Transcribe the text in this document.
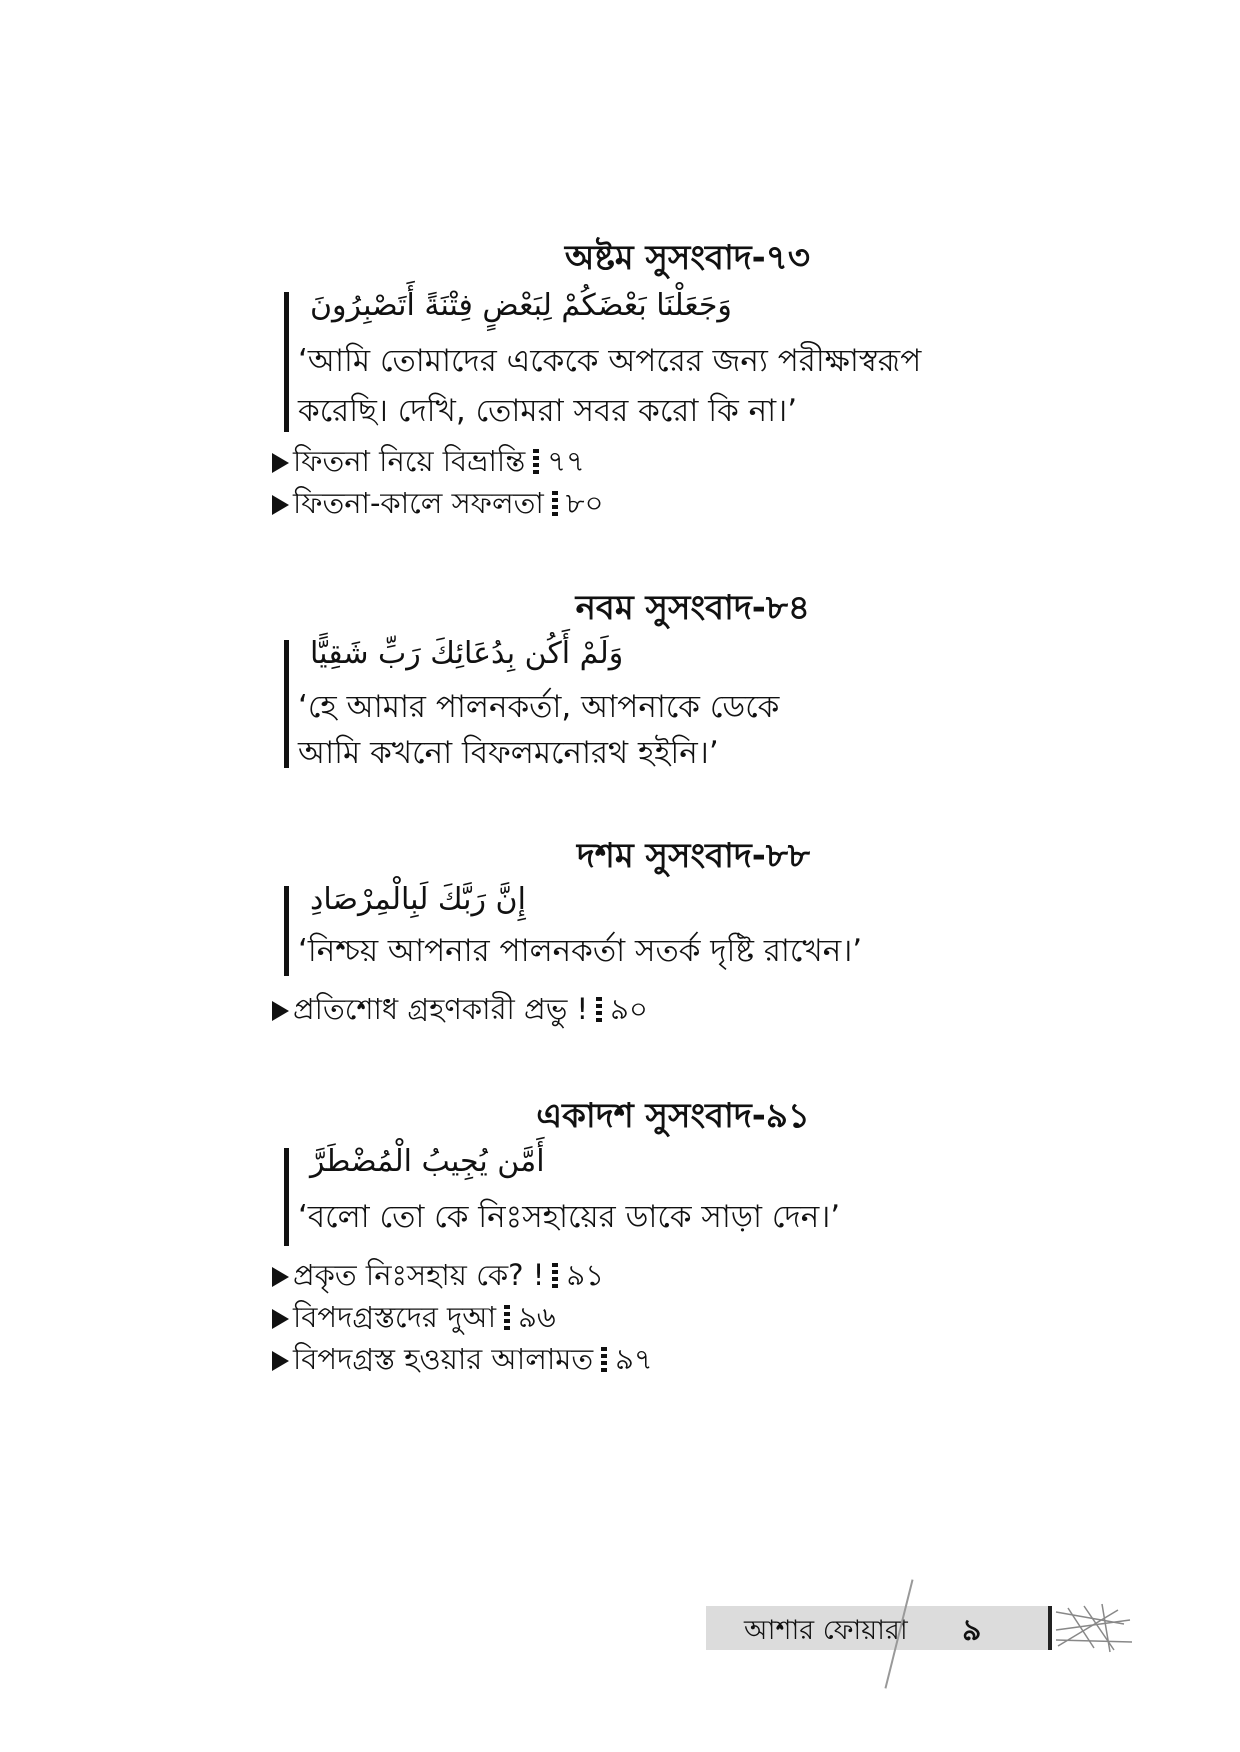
অষ্টম সুসংবাদ-৭৩
وَجَعَلْنَا بَعْضَكُمْ لِبَعْضٍ فِتْنَةً أَتَصْبِرُونَ
‘আমি তোমাদের একেকে অপরের জন্য পরীক্ষাস্বরূপ
করেছি। দেখি, তোমরা সবর করো কি না।’
ফিতনা নিয়ে বিভ্রান্তি ৭৭
ফিতনা-কালে সফলতা ৮০
নবম সুসংবাদ-৮৪
وَلَمْ أَكُن بِدُعَائِكَ رَبِّ شَقِيًّا
‘হে আমার পালনকর্তা, আপনাকে ডেকে
আমি কখনো বিফলমনোরথ হইনি।’
দশম সুসংবাদ-৮৮
إِنَّ رَبَّكَ لَبِالْمِرْصَادِ
‘নিশ্চয় আপনার পালনকর্তা সতর্ক দৃষ্টি রাখেন।’
প্রতিশোধ গ্রহণকারী প্রভু ! ৯০
একাদশ সুসংবাদ-৯১
أَمَّن يُجِيبُ الْمُضْطَرَّ
‘বলো তো কে নিঃসহায়ের ডাকে সাড়া দেন।’
প্রকৃত নিঃসহায় কে? ! ৯১
বিপদগ্রস্তদের দুআ ৯৬
বিপদগ্রস্ত হওয়ার আলামত ৯৭
আশার ফোয়ারা ৯
